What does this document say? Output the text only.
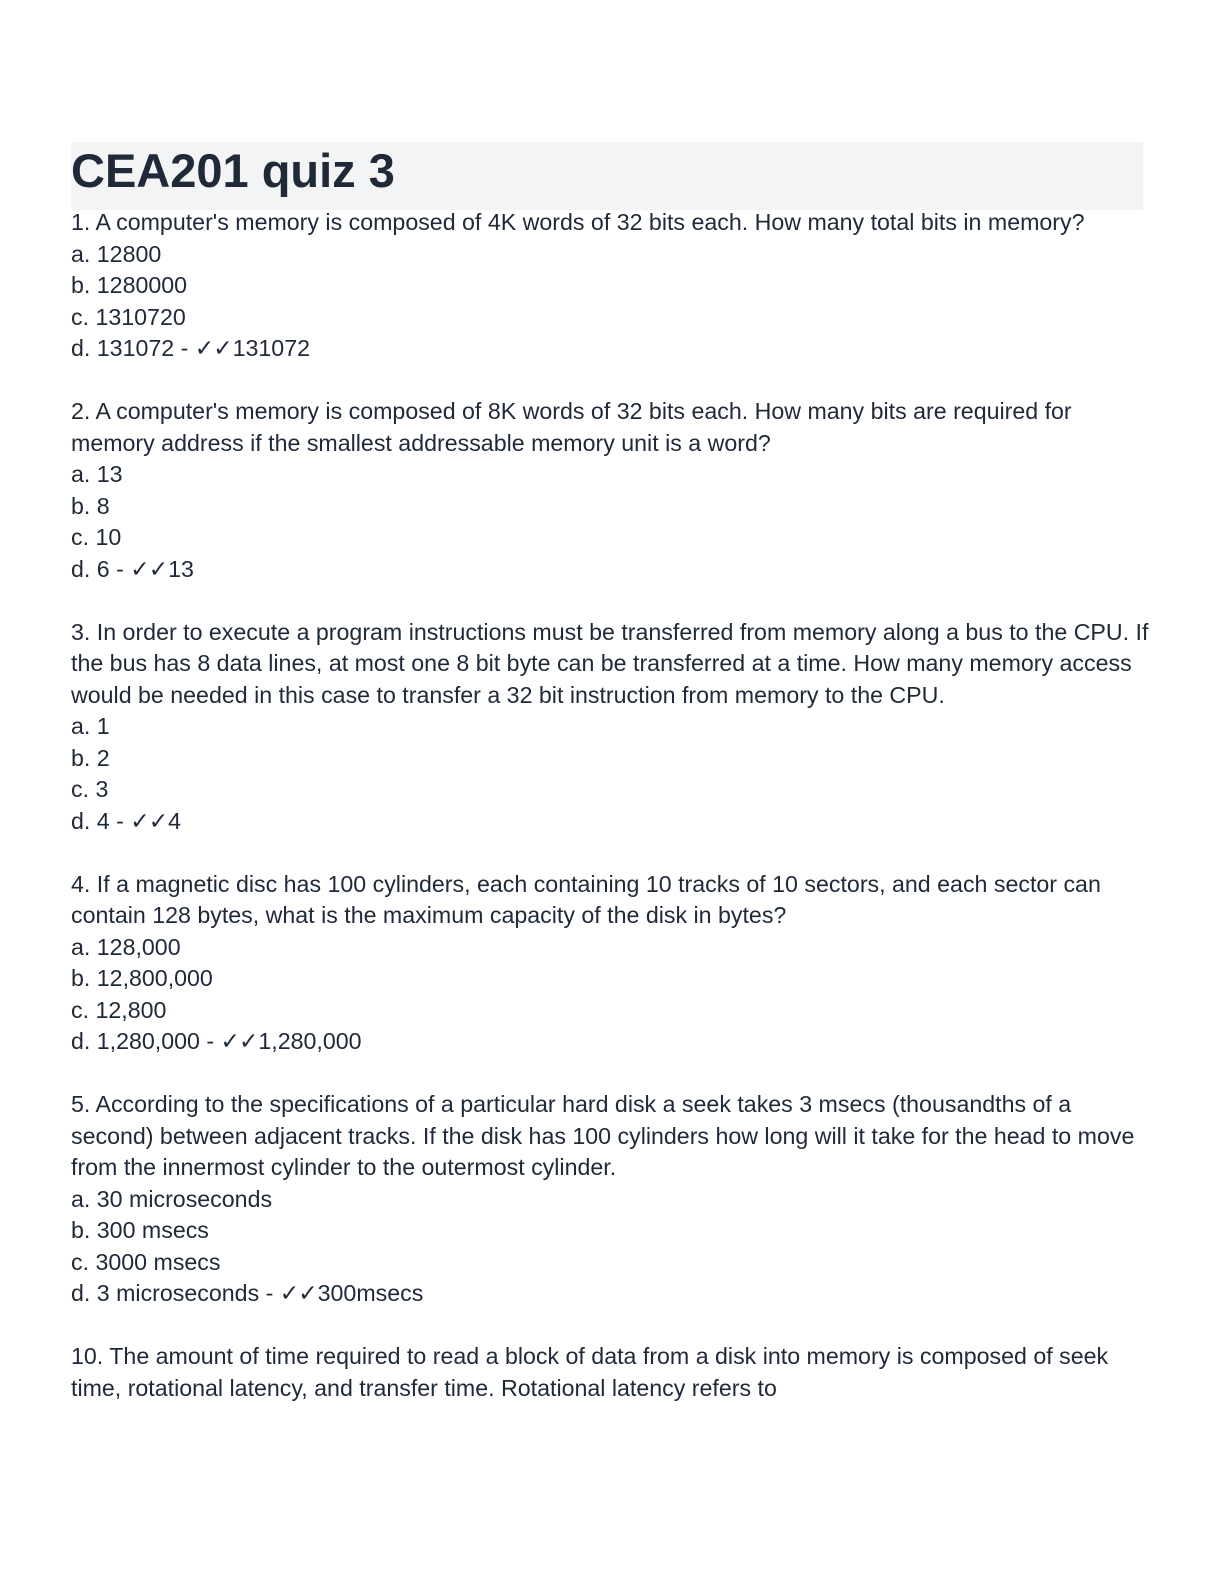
CEA201 quiz 3

1. A computer's memory is composed of 4K words of 32 bits each. How many total bits in memory?

a. 12800

b. 1280000

c. 1310720

d. 131072 - ✓✓131072

2. A computer's memory is composed of 8K words of 32 bits each. How many bits are required for memory address if the smallest addressable memory unit is a word?

a. 13

b. 8

c. 10

d. 6 - ✓✓13

3. In order to execute a program instructions must be transferred from memory along a bus to the CPU. If the bus has 8 data lines, at most one 8 bit byte can be transferred at a time. How many memory access would be needed in this case to transfer a 32 bit instruction from memory to the CPU.

a. 1

b. 2

c. 3

d. 4 - ✓✓4

4. If a magnetic disc has 100 cylinders, each containing 10 tracks of 10 sectors, and each sector can contain 128 bytes, what is the maximum capacity of the disk in bytes?

a. 128,000

b. 12,800,000

c. 12,800

d. 1,280,000 - ✓✓1,280,000

5. According to the specifications of a particular hard disk a seek takes 3 msecs (thousandths of a second) between adjacent tracks. If the disk has 100 cylinders how long will it take for the head to move from the innermost cylinder to the outermost cylinder.

a. 30 microseconds

b. 300 msecs

c. 3000 msecs

d. 3 microseconds - ✓✓300msecs

10. The amount of time required to read a block of data from a disk into memory is composed of seek time, rotational latency, and transfer time. Rotational latency refers to
